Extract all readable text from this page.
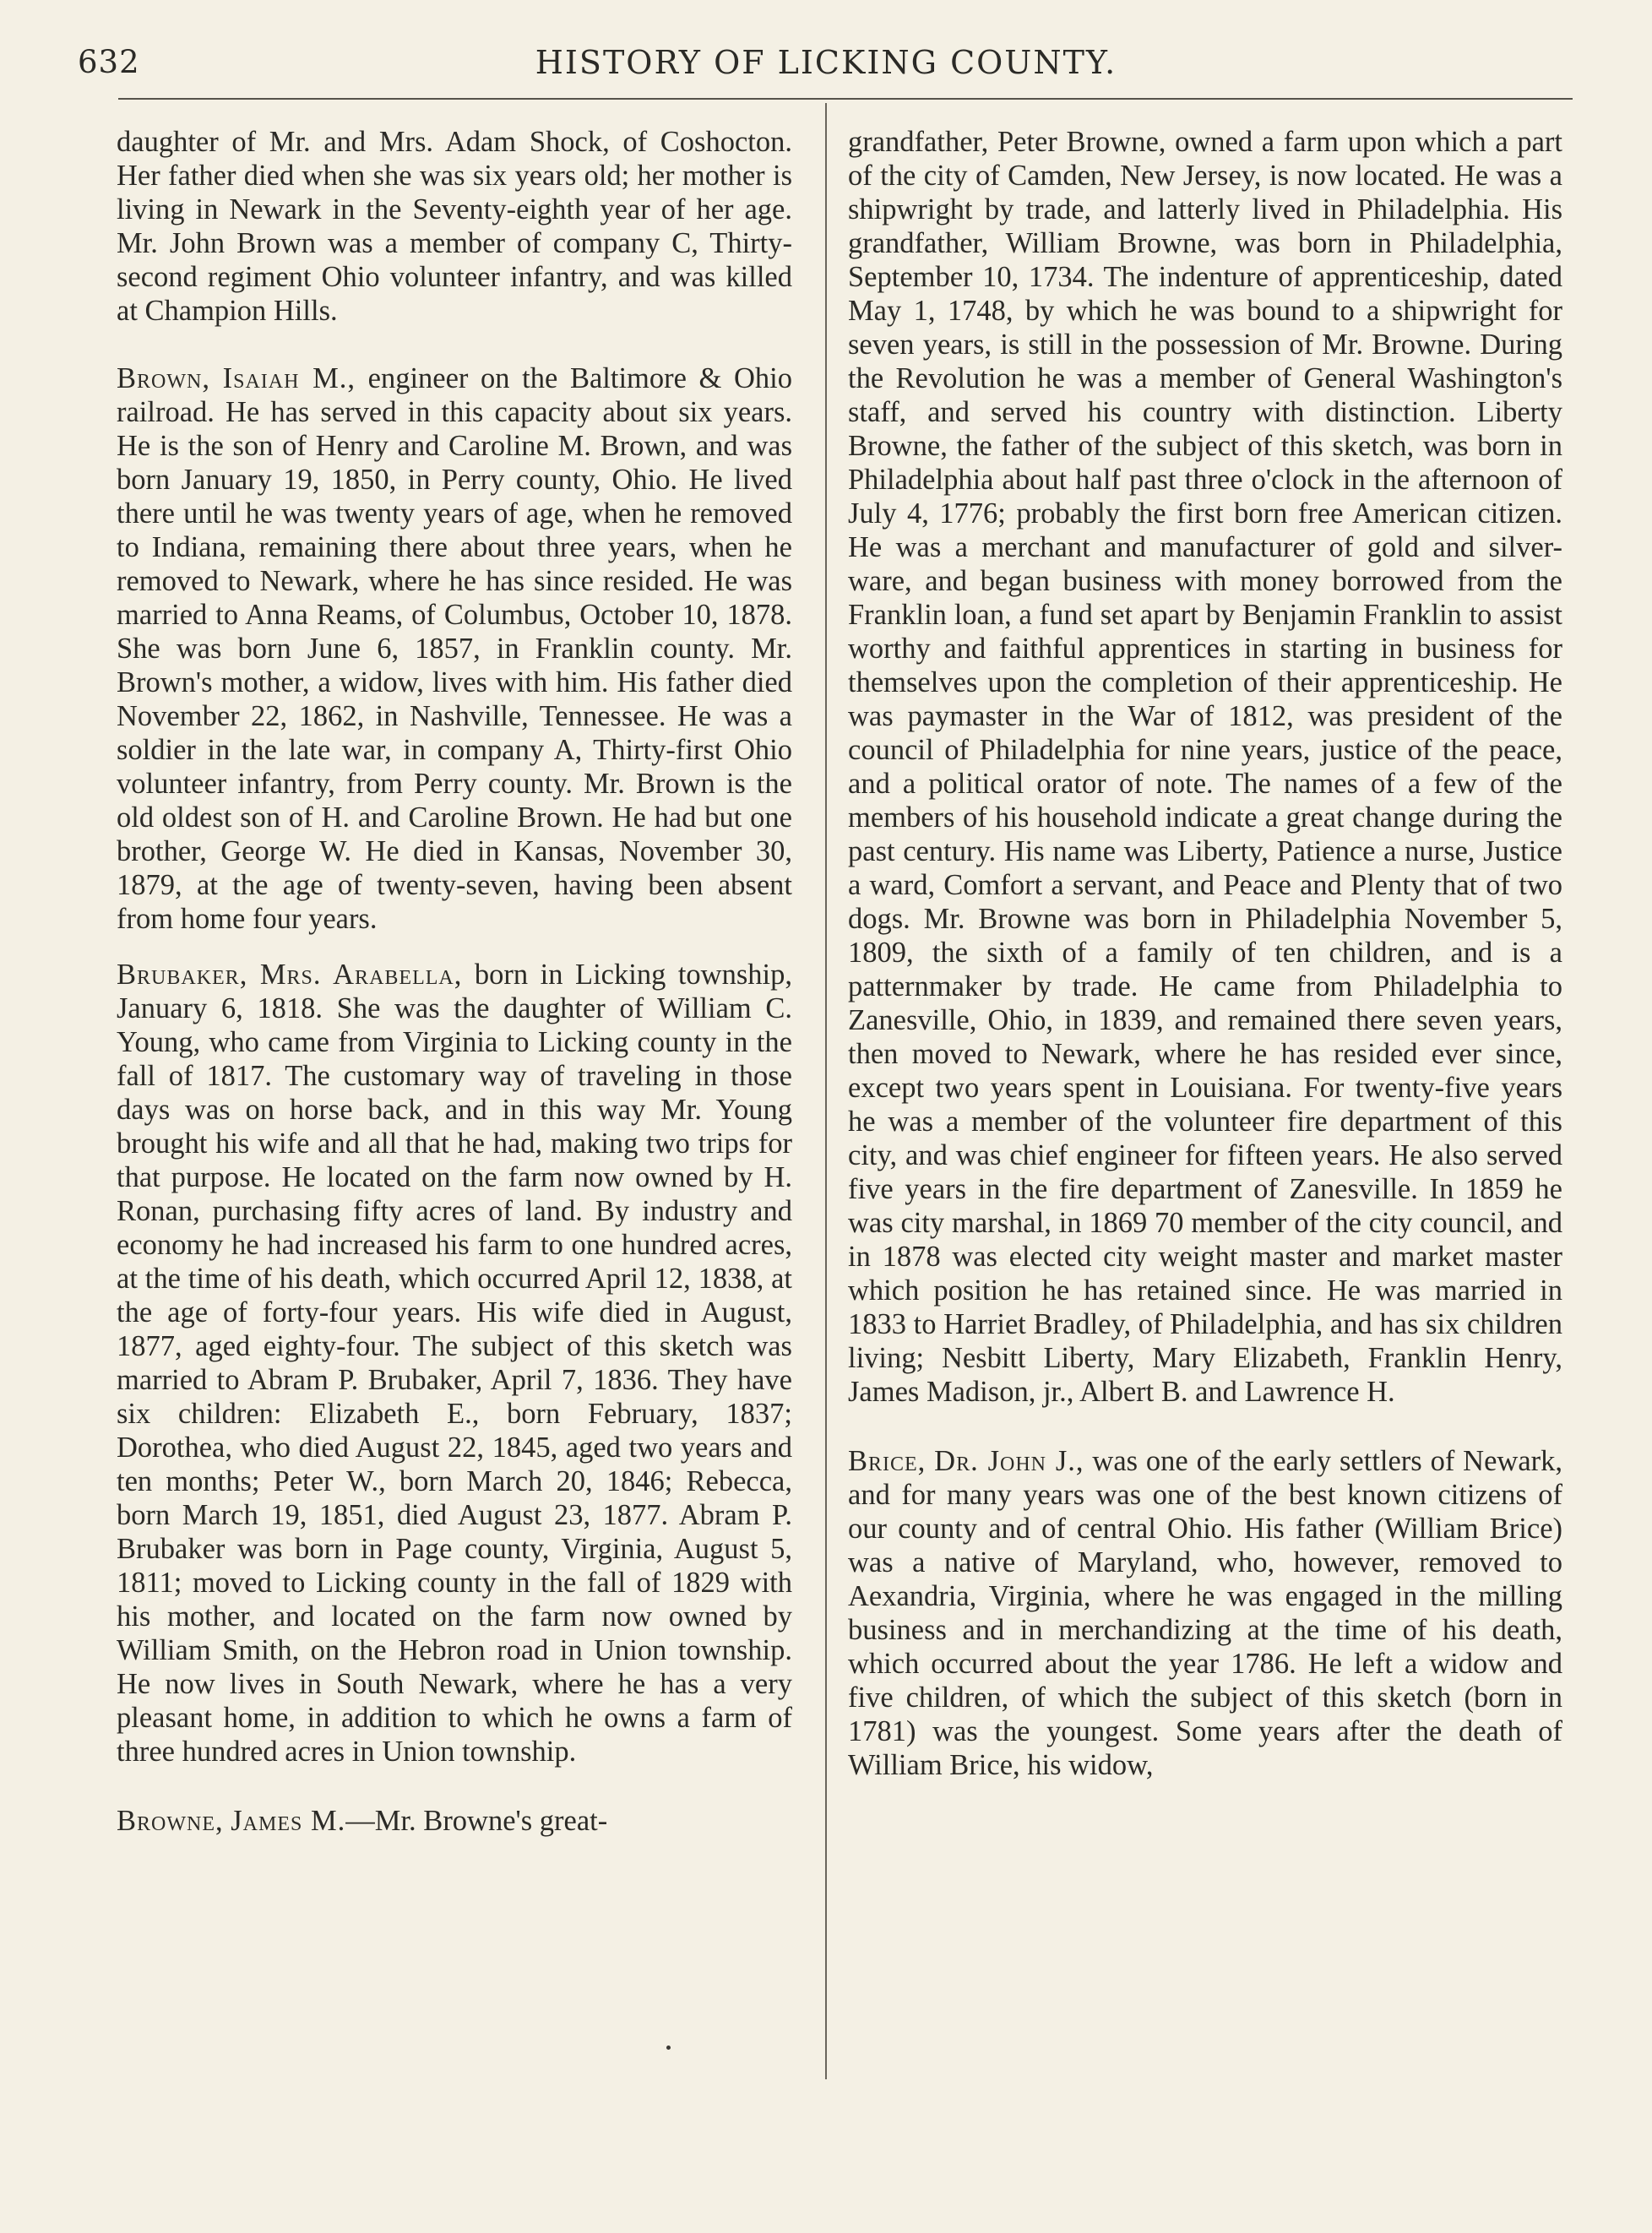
632	HISTORY OF LICKING COUNTY.

daughter of Mr. and Mrs. Adam Shock, of Coshocton. Her father died when she was six years old; her mother is living in Newark in the Seventy-eighth year of her age. Mr. John Brown was a member of company C, Thirty-second regiment Ohio volunteer infantry, and was killed at Champion Hills.

Brown, Isaiah M., engineer on the Baltimore & Ohio railroad. He has served in this capacity about six years. He is the son of Henry and Caroline M. Brown, and was born January 19, 1850, in Perry county, Ohio. He lived there until he was twenty years of age, when he removed to Indiana, remaining there about three years, when he removed to Newark, where he has since resided. He was married to Anna Reams, of Columbus, October 10, 1878. She was born June 6, 1857, in Franklin county. Mr. Brown's mother, a widow, lives with him. His father died November 22, 1862, in Nashville, Tennessee. He was a soldier in the late war, in company A, Thirty-first Ohio volunteer infantry, from Perry county. Mr. Brown is the old oldest son of H. and Caroline Brown. He had but one brother, George W. He died in Kansas, November 30, 1879, at the age of twenty-seven, having been absent from home four years.

Brubaker, Mrs. Arabella, born in Licking township, January 6, 1818. She was the daughter of William C. Young, who came from Virginia to Licking county in the fall of 1817. The customary way of traveling in those days was on horse back, and in this way Mr. Young brought his wife and all that he had, making two trips for that purpose. He located on the farm now owned by H. Ronan, purchasing fifty acres of land. By industry and economy he had increased his farm to one hundred acres, at the time of his death, which occurred April 12, 1838, at the age of forty-four years. His wife died in August, 1877, aged eighty-four. The subject of this sketch was married to Abram P. Brubaker, April 7, 1836. They have six children: Elizabeth E., born February, 1837; Dorothea, who died August 22, 1845, aged two years and ten months; Peter W., born March 20, 1846; Rebecca, born March 19, 1851, died August 23, 1877. Abram P. Brubaker was born in Page county, Virginia, August 5, 1811; moved to Licking county in the fall of 1829 with his mother, and located on the farm now owned by William Smith, on the Hebron road in Union township. He now lives in South Newark, where he has a very pleasant home, in addition to which he owns a farm of three hundred acres in Union township.

Browne, James M.—Mr. Browne's great-

grandfather, Peter Browne, owned a farm upon which a part of the city of Camden, New Jersey, is now located. He was a shipwright by trade, and latterly lived in Philadelphia. His grandfather, William Browne, was born in Philadelphia, September 10, 1734. The indenture of apprenticeship, dated May 1, 1748, by which he was bound to a shipwright for seven years, is still in the possession of Mr. Browne. During the Revolution he was a member of General Washington's staff, and served his country with distinction. Liberty Browne, the father of the subject of this sketch, was born in Philadelphia about half past three o'clock in the afternoon of July 4, 1776; probably the first born free American citizen. He was a merchant and manufacturer of gold and silver-ware, and began business with money borrowed from the Franklin loan, a fund set apart by Benjamin Franklin to assist worthy and faithful apprentices in starting in business for themselves upon the completion of their apprenticeship. He was paymaster in the War of 1812, was president of the council of Philadelphia for nine years, justice of the peace, and a political orator of note. The names of a few of the members of his household indicate a great change during the past century. His name was Liberty, Patience a nurse, Justice a ward, Comfort a servant, and Peace and Plenty that of two dogs. Mr. Browne was born in Philadelphia November 5, 1809, the sixth of a family of ten children, and is a patternmaker by trade. He came from Philadelphia to Zanesville, Ohio, in 1839, and remained there seven years, then moved to Newark, where he has resided ever since, except two years spent in Louisiana. For twenty-five years he was a member of the volunteer fire department of this city, and was chief engineer for fifteen years. He also served five years in the fire department of Zanesville. In 1859 he was city marshal, in 1869 70 member of the city council, and in 1878 was elected city weight master and market master which position he has retained since. He was married in 1833 to Harriet Bradley, of Philadelphia, and has six children living; Nesbitt Liberty, Mary Elizabeth, Franklin Henry, James Madison, jr., Albert B. and Lawrence H.

Brice, Dr. John J., was one of the early settlers of Newark, and for many years was one of the best known citizens of our county and of central Ohio. His father (William Brice) was a native of Maryland, who, however, removed to Aexandria, Virginia, where he was engaged in the milling business and in merchandizing at the time of his death, which occurred about the year 1786. He left a widow and five children, of which the subject of this sketch (born in 1781) was the youngest. Some years after the death of William Brice, his widow,
